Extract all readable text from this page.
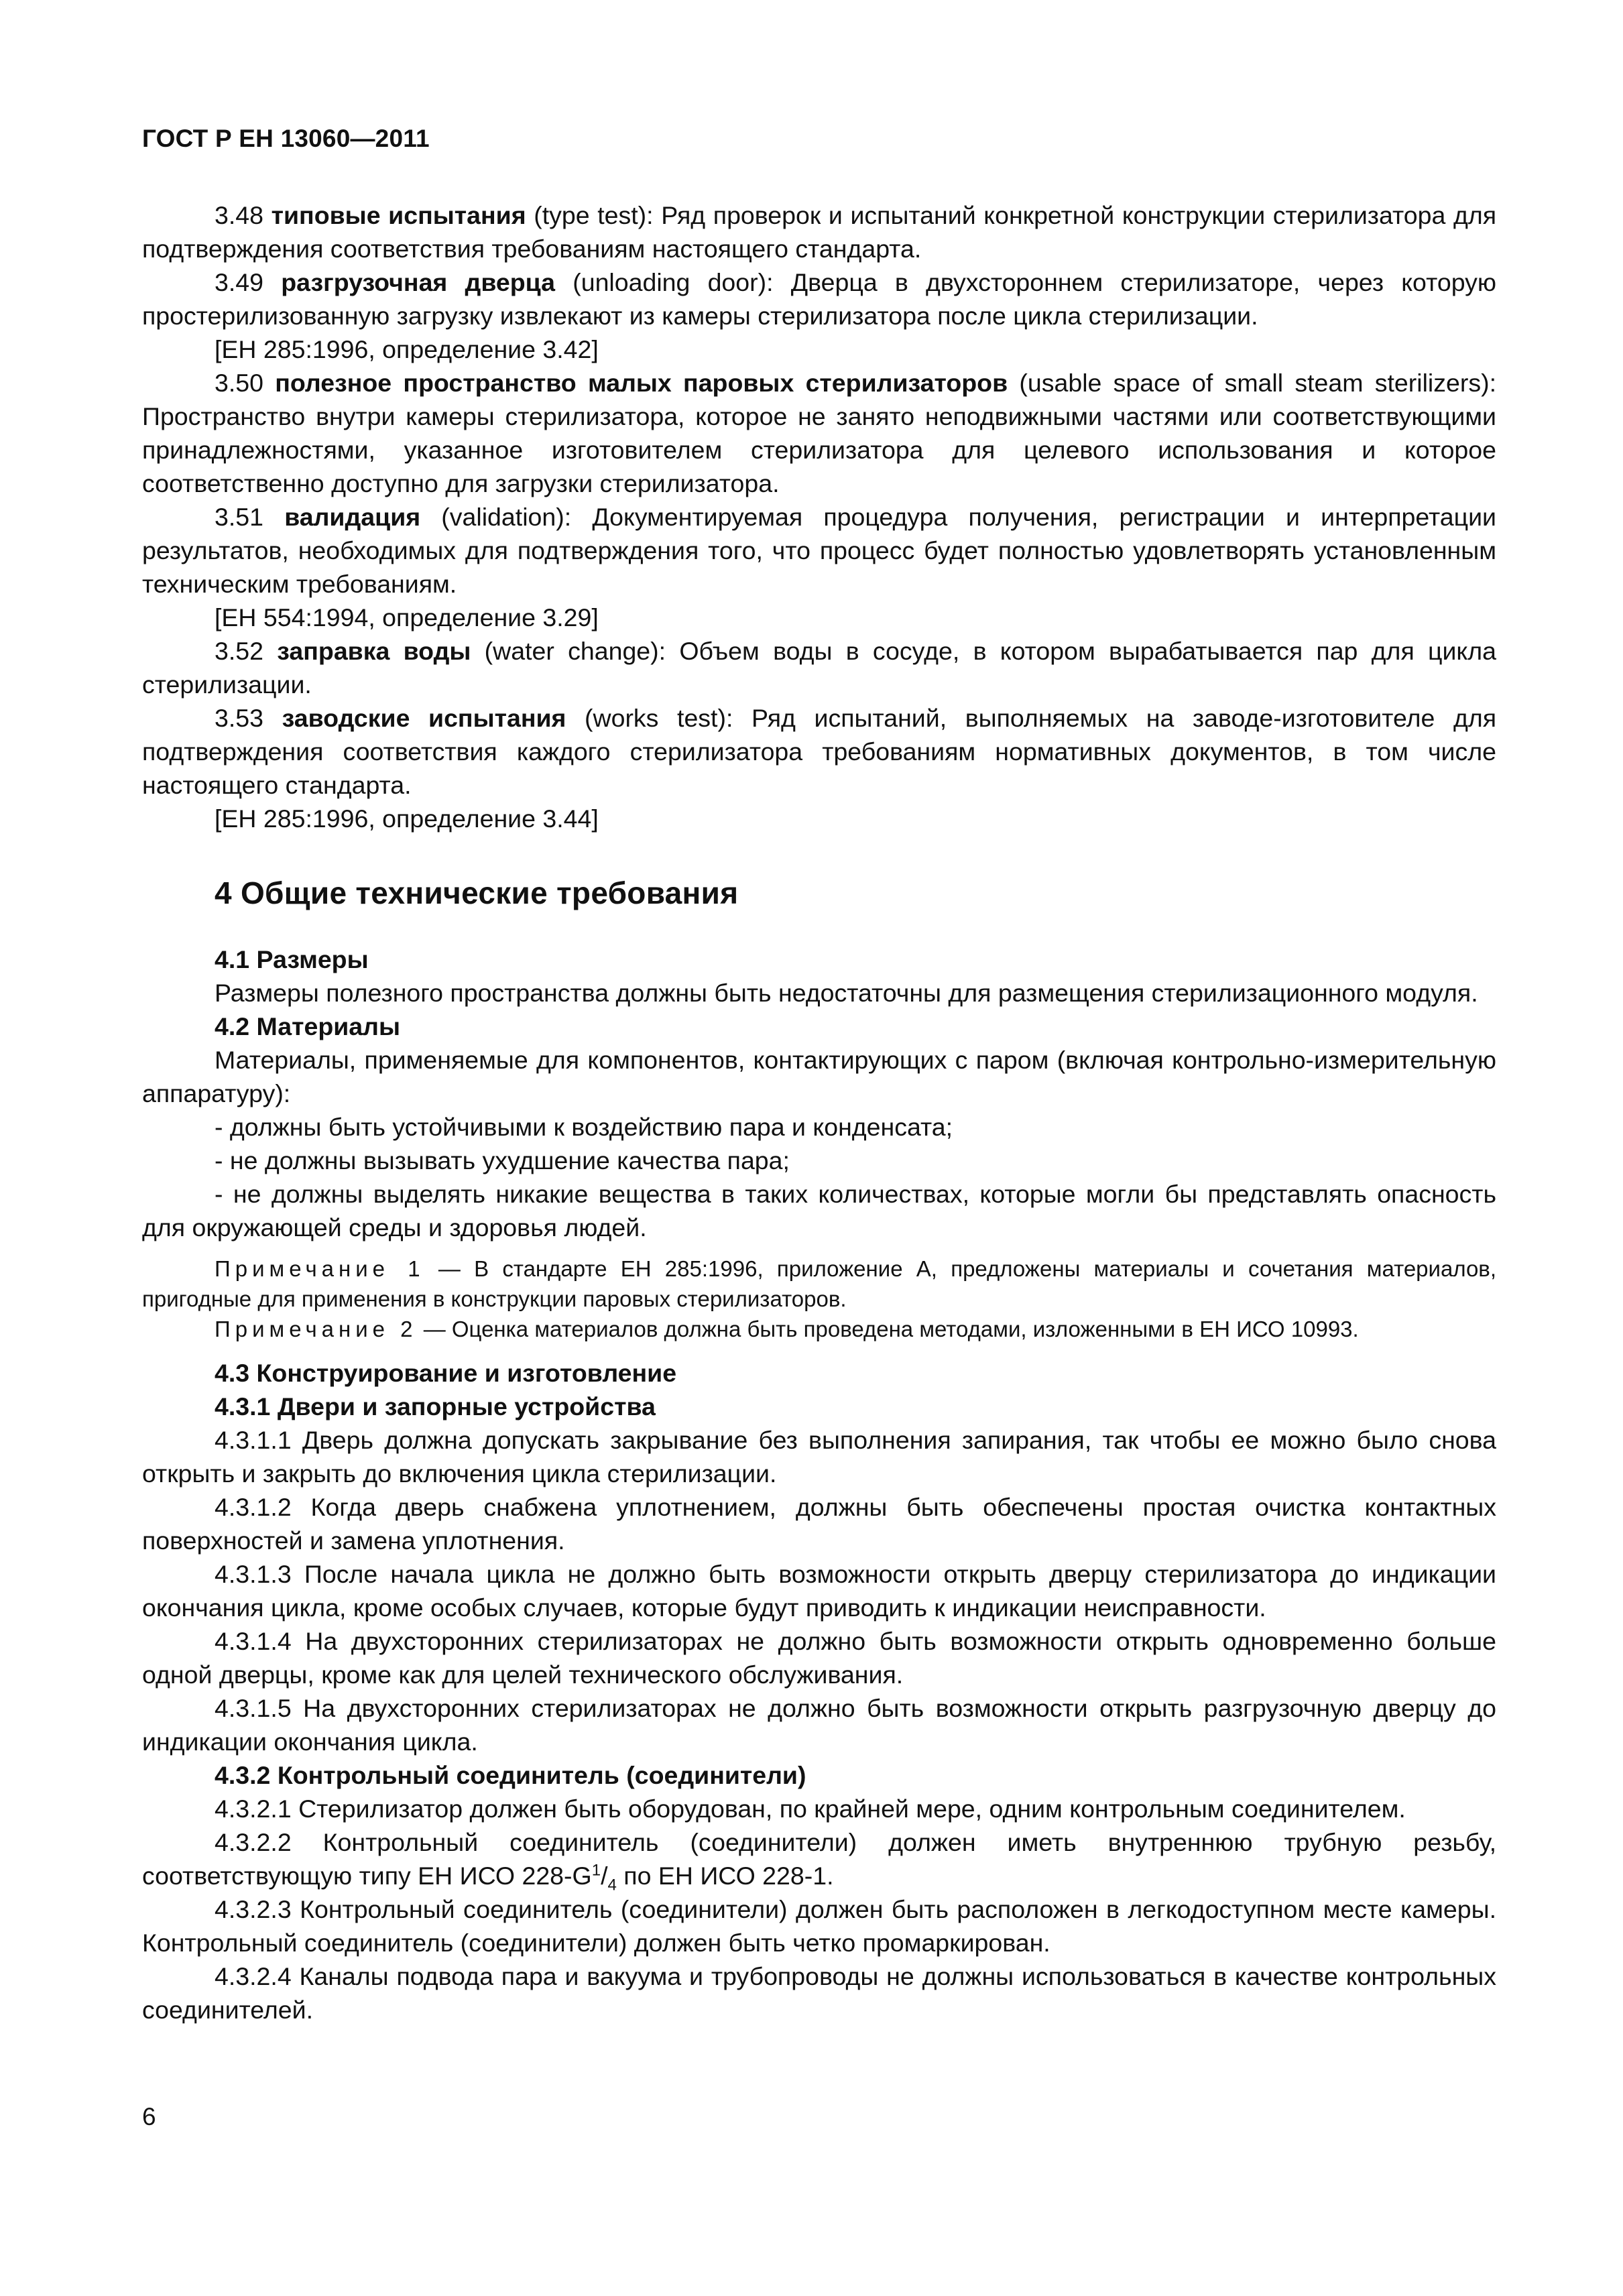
ГОСТ Р ЕН 13060—2011

3.48 типовые испытания (type test): Ряд проверок и испытаний конкретной конструкции стерилизатора для подтверждения соответствия требованиям настоящего стандарта.

3.49 разгрузочная дверца (unloading door): Дверца в двухстороннем стерилизаторе, через которую простерилизованную загрузку извлекают из камеры стерилизатора после цикла стерилизации.

[ЕН 285:1996, определение 3.42]

3.50 полезное пространство малых паровых стерилизаторов (usable space of small steam sterilizers): Пространство внутри камеры стерилизатора, которое не занято неподвижными частями или соответствующими принадлежностями, указанное изготовителем стерилизатора для целевого использования и которое соответственно доступно для загрузки стерилизатора.

3.51 валидация (validation): Документируемая процедура получения, регистрации и интерпретации результатов, необходимых для подтверждения того, что процесс будет полностью удовлетворять установленным техническим требованиям.

[ЕН 554:1994, определение 3.29]

3.52 заправка воды (water change): Объем воды в сосуде, в котором вырабатывается пар для цикла стерилизации.

3.53 заводские испытания (works test): Ряд испытаний, выполняемых на заводе-изготовителе для подтверждения соответствия каждого стерилизатора требованиям нормативных документов, в том числе настоящего стандарта.

[ЕН 285:1996, определение 3.44]

4 Общие технические требования

4.1 Размеры

Размеры полезного пространства должны быть недостаточны для размещения стерилизационного модуля.

4.2 Материалы

Материалы, применяемые для компонентов, контактирующих с паром (включая контрольно-измерительную аппаратуру):

- должны быть устойчивыми к воздействию пара и конденсата;

- не должны вызывать ухудшение качества пара;

- не должны выделять никакие вещества в таких количествах, которые могли бы представлять опасность для окружающей среды и здоровья людей.

Примечание 1 — В стандарте ЕН 285:1996, приложение А, предложены материалы и сочетания материалов, пригодные для применения в конструкции паровых стерилизаторов.

Примечание 2 — Оценка материалов должна быть проведена методами, изложенными в ЕН ИСО 10993.

4.3 Конструирование и изготовление

4.3.1 Двери и запорные устройства

4.3.1.1 Дверь должна допускать закрывание без выполнения запирания, так чтобы ее можно было снова открыть и закрыть до включения цикла стерилизации.

4.3.1.2 Когда дверь снабжена уплотнением, должны быть обеспечены простая очистка контактных поверхностей и замена уплотнения.

4.3.1.3 После начала цикла не должно быть возможности открыть дверцу стерилизатора до индикации окончания цикла, кроме особых случаев, которые будут приводить к индикации неисправности.

4.3.1.4 На двухсторонних стерилизаторах не должно быть возможности открыть одновременно больше одной дверцы, кроме как для целей технического обслуживания.

4.3.1.5 На двухсторонних стерилизаторах не должно быть возможности открыть разгрузочную дверцу до индикации окончания цикла.

4.3.2 Контрольный соединитель (соединители)

4.3.2.1 Стерилизатор должен быть оборудован, по крайней мере, одним контрольным соединителем.

4.3.2.2 Контрольный соединитель (соединители) должен иметь внутреннюю трубную резьбу, соответствующую типу ЕН ИСО $228-G^1/_4$ по ЕН ИСО 228-1.

4.3.2.3 Контрольный соединитель (соединители) должен быть расположен в легкодоступном месте камеры. Контрольный соединитель (соединители) должен быть четко промаркирован.

4.3.2.4 Каналы подвода пара и вакуума и трубопроводы не должны использоваться в качестве контрольных соединителей.

6
